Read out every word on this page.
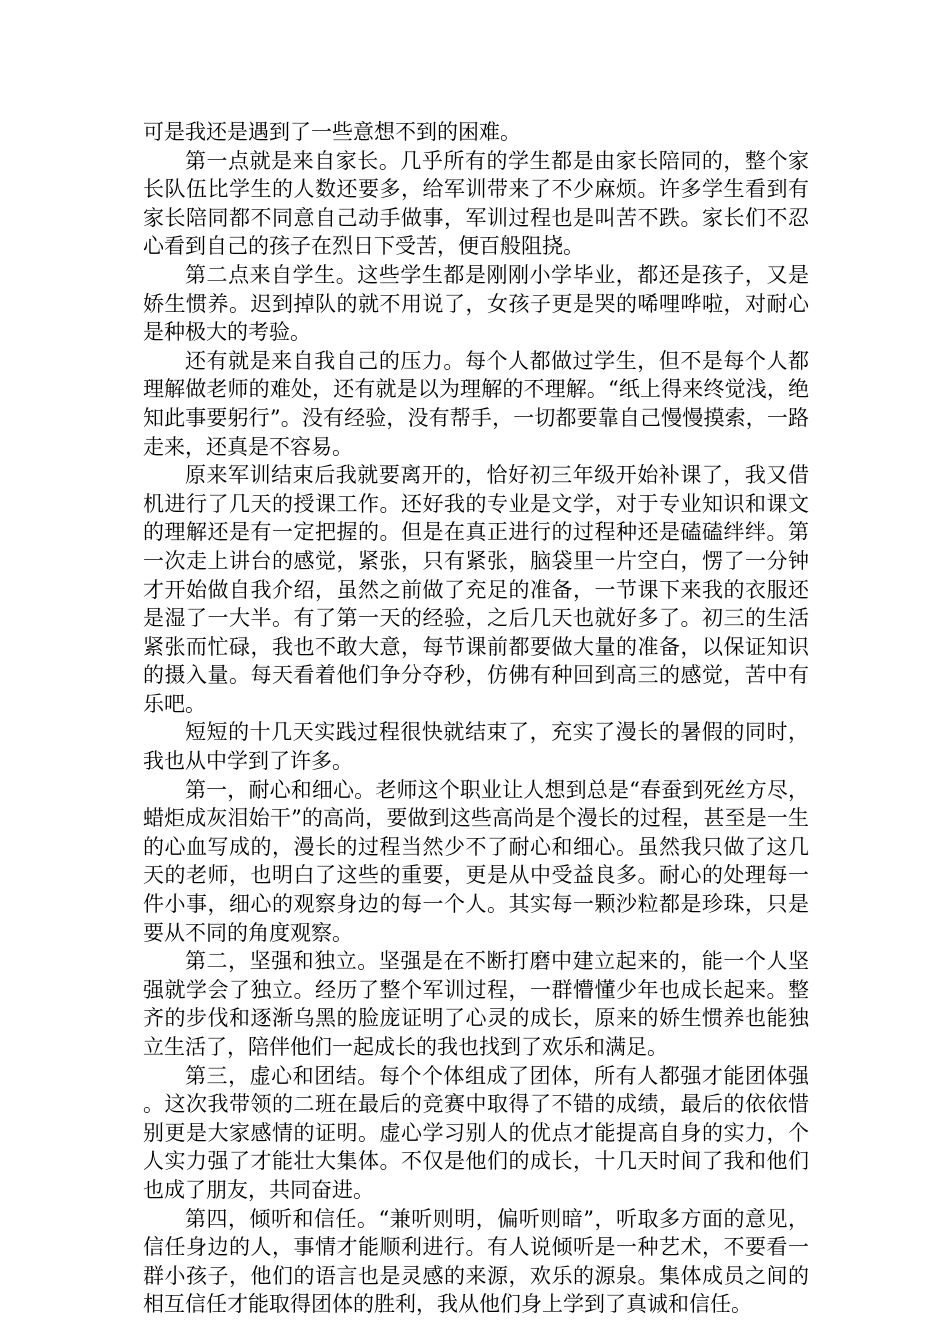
可是我还是遇到了一些意想不到的困难。

第一点就是来自家长。几乎所有的学生都是由家长陪同的，整个家长队伍比学生的人数还要多，给军训带来了不少麻烦。许多学生看到有家长陪同都不同意自己动手做事，军训过程也是叫苦不跌。家长们不忍心看到自己的孩子在烈日下受苦，便百般阻挠。

第二点来自学生。这些学生都是刚刚小学毕业，都还是孩子，又是娇生惯养。迟到掉队的就不用说了，女孩子更是哭的唏哩哗啦，对耐心是种极大的考验。

还有就是来自我自己的压力。每个人都做过学生，但不是每个人都理解做老师的难处，还有就是以为理解的不理解。“纸上得来终觉浅，绝知此事要躬行”。没有经验，没有帮手，一切都要靠自己慢慢摸索，一路走来，还真是不容易。

原来军训结束后我就要离开的，恰好初三年级开始补课了，我又借机进行了几天的授课工作。还好我的专业是文学，对于专业知识和课文的理解还是有一定把握的。但是在真正进行的过程种还是磕磕绊绊。第一次走上讲台的感觉，紧张，只有紧张，脑袋里一片空白，愣了一分钟才开始做自我介绍，虽然之前做了充足的准备，一节课下来我的衣服还是湿了一大半。有了第一天的经验，之后几天也就好多了。初三的生活紧张而忙碌，我也不敢大意，每节课前都要做大量的准备，以保证知识的摄入量。每天看着他们争分夺秒，仿佛有种回到高三的感觉，苦中有乐吧。

短短的十几天实践过程很快就结束了，充实了漫长的暑假的同时，我也从中学到了许多。

第一，耐心和细心。老师这个职业让人想到总是“春蚕到死丝方尽，蜡炬成灰泪始干”的高尚，要做到这些高尚是个漫长的过程，甚至是一生的心血写成的，漫长的过程当然少不了耐心和细心。虽然我只做了这几天的老师，也明白了这些的重要，更是从中受益良多。耐心的处理每一件小事，细心的观察身边的每一个人。其实每一颗沙粒都是珍珠，只是要从不同的角度观察。

第二，坚强和独立。坚强是在不断打磨中建立起来的，能一个人坚强就学会了独立。经历了整个军训过程，一群懵懂少年也成长起来。整齐的步伐和逐渐乌黑的脸庞证明了心灵的成长，原来的娇生惯养也能独立生活了，陪伴他们一起成长的我也找到了欢乐和满足。

第三，虚心和团结。每个个体组成了团体，所有人都强才能团体强。这次我带领的二班在最后的竞赛中取得了不错的成绩，最后的依依惜别更是大家感情的证明。虚心学习别人的优点才能提高自身的实力，个人实力强了才能壮大集体。不仅是他们的成长，十几天时间了我和他们也成了朋友，共同奋进。

第四，倾听和信任。“兼听则明，偏听则暗”，听取多方面的意见，信任身边的人，事情才能顺利进行。有人说倾听是一种艺术，不要看一群小孩子，他们的语言也是灵感的来源，欢乐的源泉。集体成员之间的相互信任才能取得团体的胜利，我从他们身上学到了真诚和信任。
